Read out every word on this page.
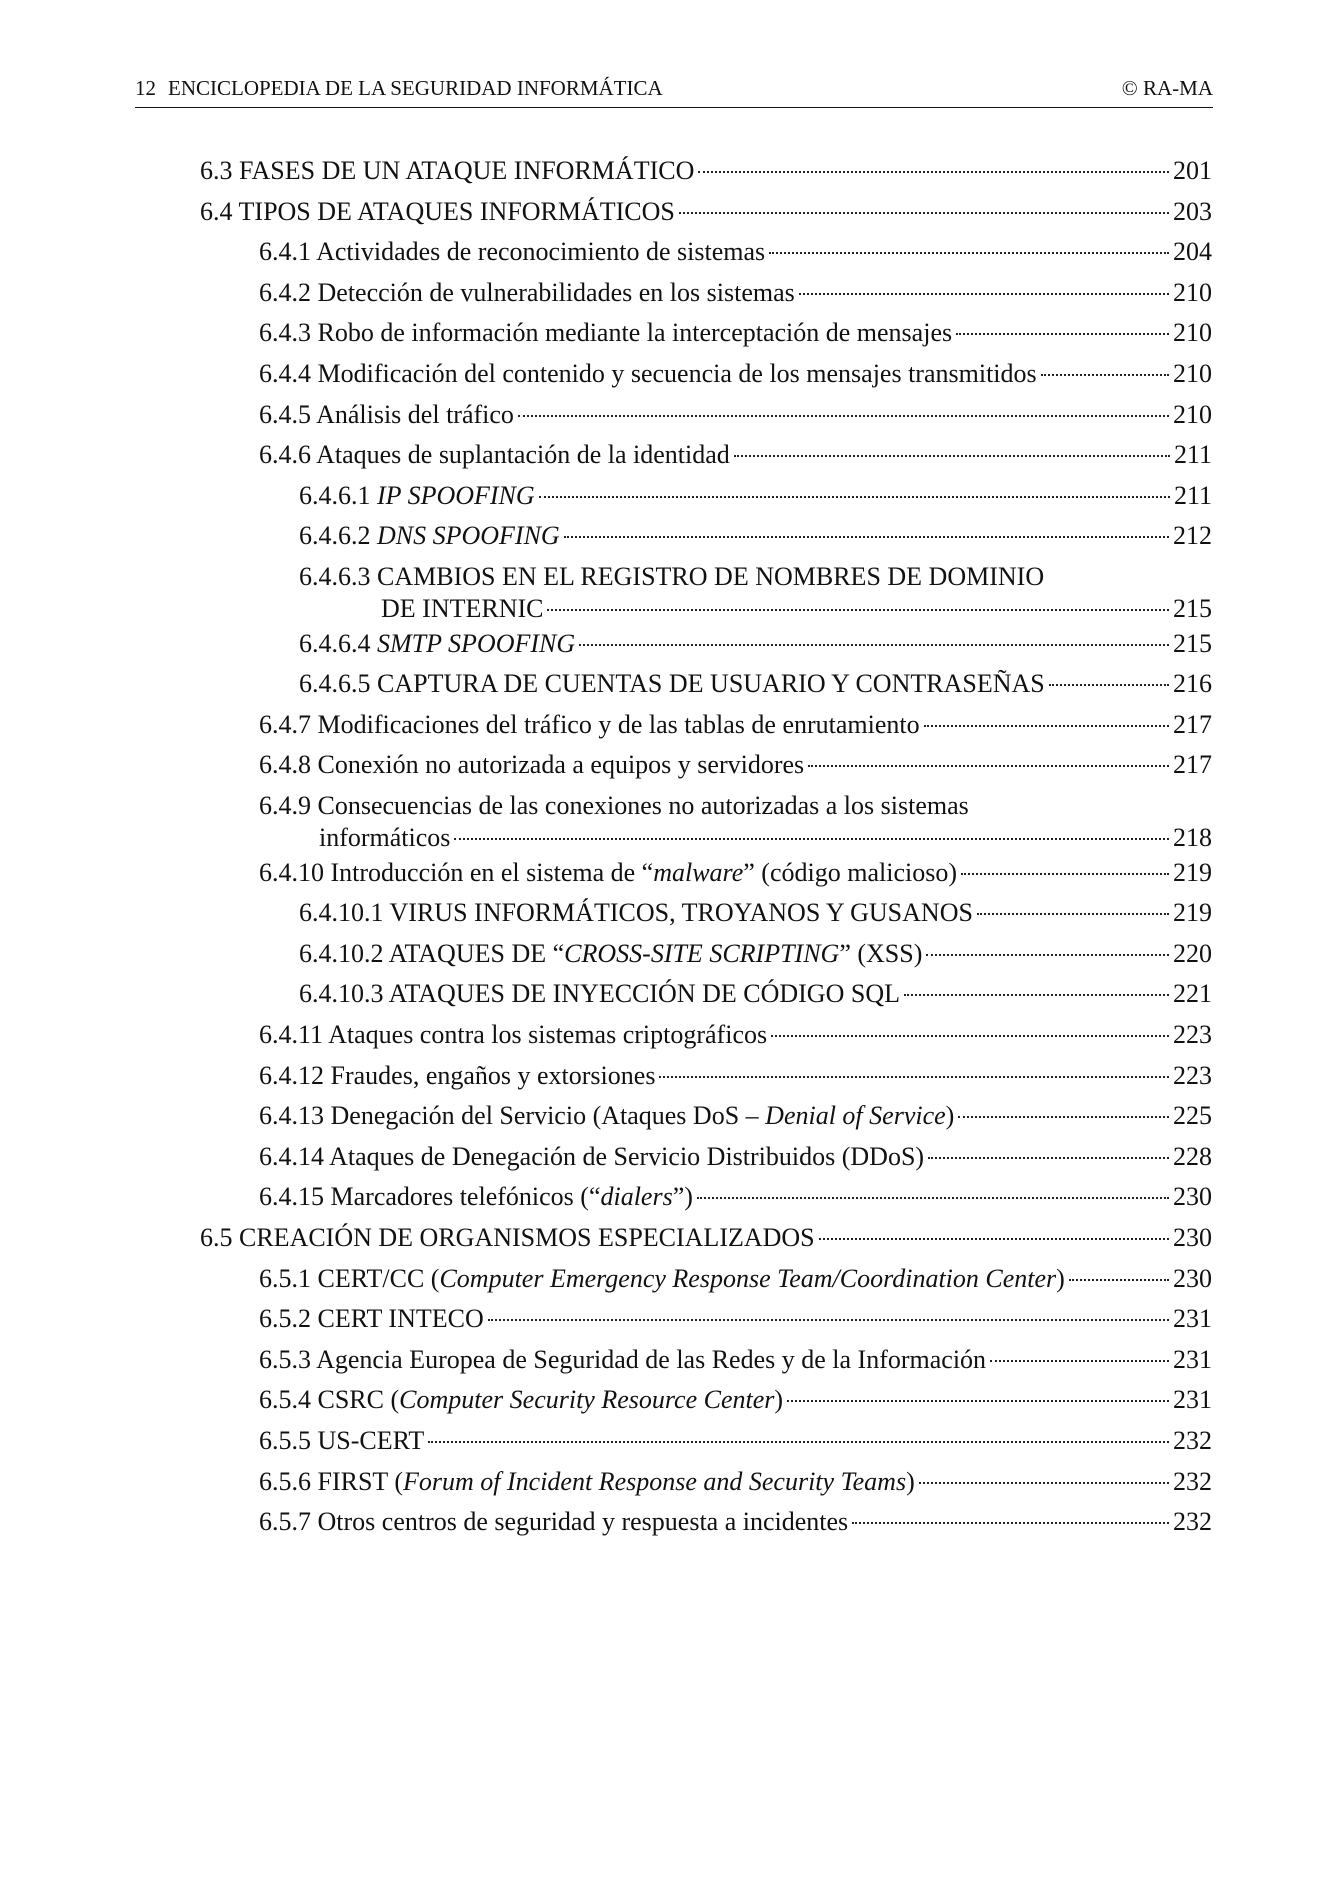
12 ENCICLOPEDIA DE LA SEGURIDAD INFORMÁTICA	© RA-MA
6.3 FASES DE UN ATAQUE INFORMÁTICO	201
6.4 TIPOS DE ATAQUES INFORMÁTICOS	203
6.4.1 Actividades de reconocimiento de sistemas	204
6.4.2 Detección de vulnerabilidades en los sistemas	210
6.4.3 Robo de información mediante la interceptación de mensajes	210
6.4.4 Modificación del contenido y secuencia de los mensajes transmitidos	210
6.4.5 Análisis del tráfico	210
6.4.6 Ataques de suplantación de la identidad	211
6.4.6.1 IP SPOOFING	211
6.4.6.2 DNS SPOOFING	212
6.4.6.3 CAMBIOS EN EL REGISTRO DE NOMBRES DE DOMINIO
DE INTERNIC	215
6.4.6.4 SMTP SPOOFING	215
6.4.6.5 CAPTURA DE CUENTAS DE USUARIO Y CONTRASEÑAS	216
6.4.7 Modificaciones del tráfico y de las tablas de enrutamiento	217
6.4.8 Conexión no autorizada a equipos y servidores	217
6.4.9 Consecuencias de las conexiones no autorizadas a los sistemas
informáticos	218
6.4.10 Introducción en el sistema de “malware” (código malicioso)	219
6.4.10.1 VIRUS INFORMÁTICOS, TROYANOS Y GUSANOS	219
6.4.10.2 ATAQUES DE “CROSS-SITE SCRIPTING” (XSS)	220
6.4.10.3 ATAQUES DE INYECCIÓN DE CÓDIGO SQL	221
6.4.11 Ataques contra los sistemas criptográficos	223
6.4.12 Fraudes, engaños y extorsiones	223
6.4.13 Denegación del Servicio (Ataques DoS – Denial of Service)	225
6.4.14 Ataques de Denegación de Servicio Distribuidos (DDoS)	228
6.4.15 Marcadores telefónicos (“dialers”)	230
6.5 CREACIÓN DE ORGANISMOS ESPECIALIZADOS	230
6.5.1 CERT/CC (Computer Emergency Response Team/Coordination Center)	230
6.5.2 CERT INTECO	231
6.5.3 Agencia Europea de Seguridad de las Redes y de la Información	231
6.5.4 CSRC (Computer Security Resource Center)	231
6.5.5 US-CERT	232
6.5.6 FIRST (Forum of Incident Response and Security Teams)	232
6.5.7 Otros centros de seguridad y respuesta a incidentes	232
